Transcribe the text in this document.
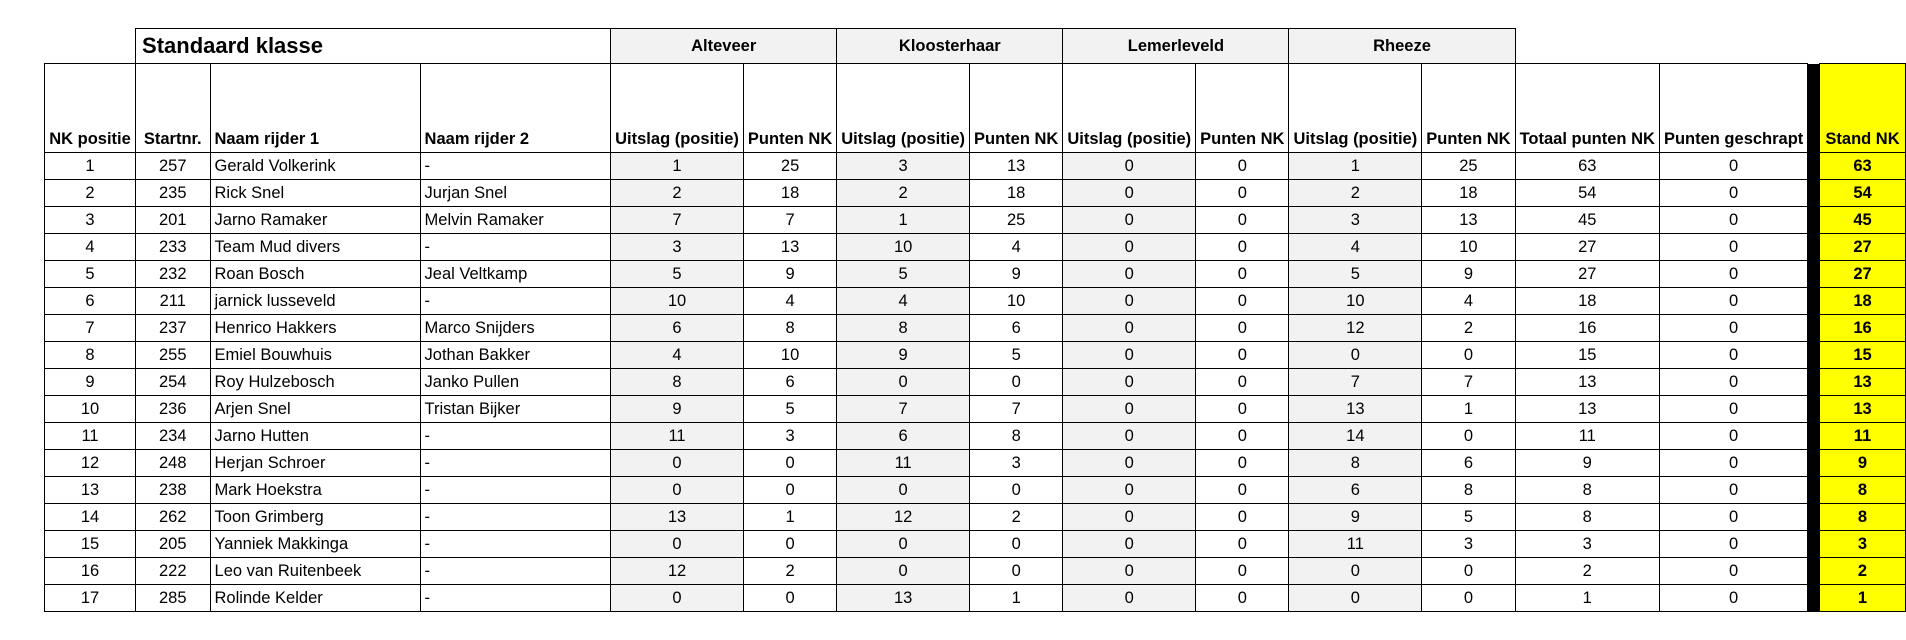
	Standaard klasse			Alteveer		Kloosterhaar		Lemerleveld		Rheeze					
NK positie	Startnr.	Naam rijder 1	Naam rijder 2	Uitslag (positie)	Punten NK	Uitslag (positie)	Punten NK	Uitslag (positie)	Punten NK	Uitslag (positie)	Punten NK	Totaal punten NK	Punten geschrapt		Stand NK
1	257	Gerald Volkerink	-	1	25	3	13	0	0	1	25	63	0		63
2	235	Rick Snel	Jurjan Snel	2	18	2	18	0	0	2	18	54	0		54
3	201	Jarno Ramaker	Melvin Ramaker	7	7	1	25	0	0	3	13	45	0		45
4	233	Team Mud divers	-	3	13	10	4	0	0	4	10	27	0		27
5	232	Roan Bosch	Jeal Veltkamp	5	9	5	9	0	0	5	9	27	0		27
6	211	jarnick lusseveld	-	10	4	4	10	0	0	10	4	18	0		18
7	237	Henrico Hakkers	Marco Snijders	6	8	8	6	0	0	12	2	16	0		16
8	255	Emiel Bouwhuis	Jothan Bakker	4	10	9	5	0	0	0	0	15	0		15
9	254	Roy Hulzebosch	Janko Pullen	8	6	0	0	0	0	7	7	13	0		13
10	236	Arjen Snel	Tristan Bijker	9	5	7	7	0	0	13	1	13	0		13
11	234	Jarno Hutten	-	11	3	6	8	0	0	14	0	11	0		11
12	248	Herjan Schroer	-	0	0	11	3	0	0	8	6	9	0		9
13	238	Mark Hoekstra	-	0	0	0	0	0	0	6	8	8	0		8
14	262	Toon Grimberg	-	13	1	12	2	0	0	9	5	8	0		8
15	205	Yanniek Makkinga	-	0	0	0	0	0	0	11	3	3	0		3
16	222	Leo van Ruitenbeek	-	12	2	0	0	0	0	0	0	2	0		2
17	285	Rolinde Kelder	-	0	0	13	1	0	0	0	0	1	0		1
